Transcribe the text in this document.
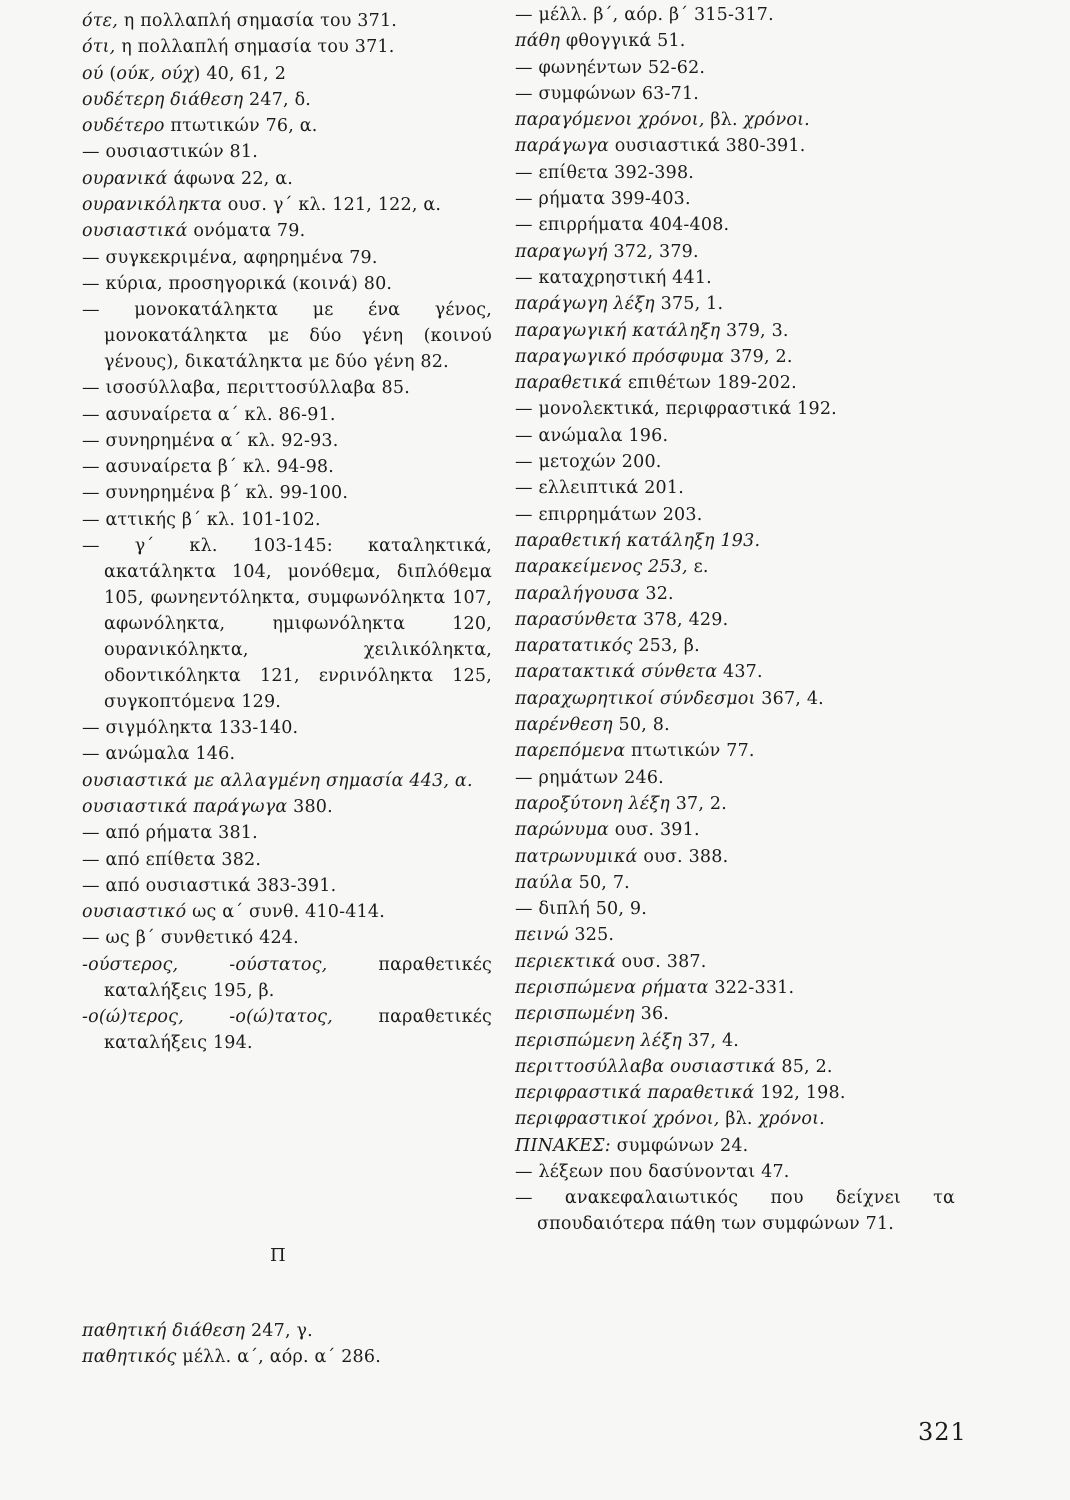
ότε, η πολλαπλή σημασία του 371.
ότι, η πολλαπλή σημασία του 371.
ού (ούκ, ούχ) 40, 61, 2
ουδέτερη διάθεση 247, δ.
ουδέτερο πτωτικών 76, α.
— ουσιαστικών 81.
ουρανικά άφωνα 22, α.
ουρανικόληκτα ουσ. γ΄ κλ. 121, 122, α.
ουσιαστικά ονόματα 79.
— συγκεκριμένα, αφηρημένα 79.
— κύρια, προσηγορικά (κοινά) 80.
— μονοκατάληκτα με ένα γένος, μονοκατάληκτα με δύο γένη (κοινού γένους), δικατάληκτα με δύο γένη 82.
— ισοσύλλαβα, περιττοσύλλαβα 85.
— ασυναίρετα α΄ κλ. 86-91.
— συνηρημένα α΄ κλ. 92-93.
— ασυναίρετα β΄ κλ. 94-98.
— συνηρημένα β΄ κλ. 99-100.
— αττικής β΄ κλ. 101-102.
— γ΄ κλ. 103-145: καταληκτικά, ακατάληκτα 104, μονόθεμα, διπλόθεμα 105, φωνηεντόληκτα, συμφωνόληκτα 107, αφωνόληκτα, ημιφωνόληκτα 120, ουρανικόληκτα, χειλικόληκτα, οδοντικόληκτα 121, ενρινόληκτα 125, συγκοπτόμενα 129.
— σιγμόληκτα 133-140.
— ανώμαλα 146.
ουσιαστικά με αλλαγμένη σημασία 443, α.
ουσιαστικά παράγωγα 380.
— από ρήματα 381.
— από επίθετα 382.
— από ουσιαστικά 383-391.
ουσιαστικό ως α΄ συνθ. 410-414.
— ως β΄ συνθετικό 424.
-ούστερος, -ούστατος, παραθετικές καταλήξεις 195, β.
-ο(ώ)τερος, -ο(ώ)τατος, παραθετικές καταλήξεις 194.
Π
παθητική διάθεση 247, γ.
παθητικός μέλλ. α΄, αόρ. α΄ 286.
— μέλλ. β΄, αόρ. β΄ 315-317.
πάθη φθογγικά 51.
— φωνηέντων 52-62.
— συμφώνων 63-71.
παραγόμενοι χρόνοι, βλ. χρόνοι.
παράγωγα ουσιαστικά 380-391.
— επίθετα 392-398.
— ρήματα 399-403.
— επιρρήματα 404-408.
παραγωγή 372, 379.
— καταχρηστική 441.
παράγωγη λέξη 375, 1.
παραγωγική κατάληξη 379, 3.
παραγωγικό πρόσφυμα 379, 2.
παραθετικά επιθέτων 189-202.
— μονολεκτικά, περιφραστικά 192.
— ανώμαλα 196.
— μετοχών 200.
— ελλειπτικά 201.
— επιρρημάτων 203.
παραθετική κατάληξη 193.
παρακείμενος 253, ε.
παραλήγουσα 32.
παρασύνθετα 378, 429.
παρατατικός 253, β.
παρατακτικά σύνθετα 437.
παραχωρητικοί σύνδεσμοι 367, 4.
παρένθεση 50, 8.
παρεπόμενα πτωτικών 77.
— ρημάτων 246.
παροξύτονη λέξη 37, 2.
παρώνυμα ουσ. 391.
πατρωνυμικά ουσ. 388.
παύλα 50, 7.
— διπλή 50, 9.
πεινώ 325.
περιεκτικά ουσ. 387.
περισπώμενα ρήματα 322-331.
περισπωμένη 36.
περισπώμενη λέξη 37, 4.
περιττοσύλλαβα ουσιαστικά 85, 2.
περιφραστικά παραθετικά 192, 198.
περιφραστικοί χρόνοι, βλ. χρόνοι.
ΠΙΝΑΚΕΣ: συμφώνων 24.
— λέξεων που δασύνονται 47.
— ανακεφαλαιωτικός που δείχνει τα σπουδαιότερα πάθη των συμφώνων 71.
321
